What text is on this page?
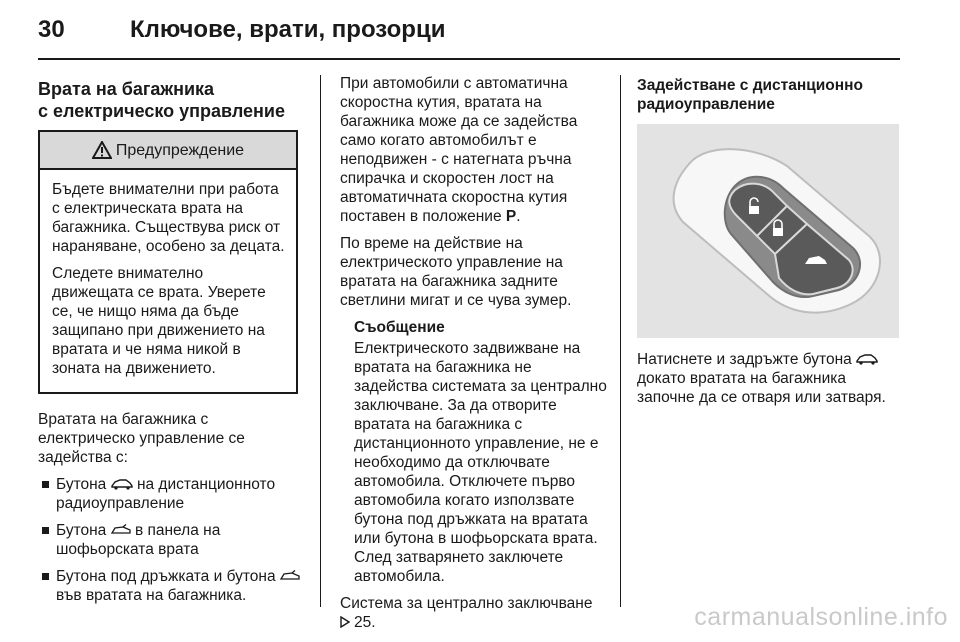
30	Ключове, врати, прозорци
Врата на багажника
с електрическо управление
Предупреждение

Бъдете внимателни при работа с електрическата врата на багажника. Съществува риск от нараняване, особено за децата.

Следете внимателно движещата се врата. Уверете се, че нищо няма да бъде защипано при движението на вратата и че няма никой в зоната на движението.

Вратата на багажника с електрическо управление се задейства с:

Бутона на дистанционното радиоуправление
Бутона в панела на шофьорската врата
Бутона под дръжката и бутона  във вратата на багажника.

При автомобили с автоматична скоростна кутия, вратата на багажника може да се задейства само когато автомобилът е неподвижен - с натегната ръчна спирачка и скоростен лост на автоматичната скоростна кутия поставен в положение P.

По време на действие на електрическото управление на вратата на багажника задните светлини мигат и се чува зумер.

Съобщение
Електрическото задвижване на вратата на багажника не задейства системата за централно заключване. За да отворите вратата на багажника с дистанционното управление, не е необходимо да отключвате автомобила. Отключете първо автомобила когато използвате бутона под дръжката на вратата или бутона в шофьорската врата. След затварянето заключете автомобила.

Система за централно заключване
25.

Задействане с дистанционно радиоуправление

Натиснете и задръжте бутона  докато вратата на багажника започне да се отваря или затваря.

carmanualsonline.info
